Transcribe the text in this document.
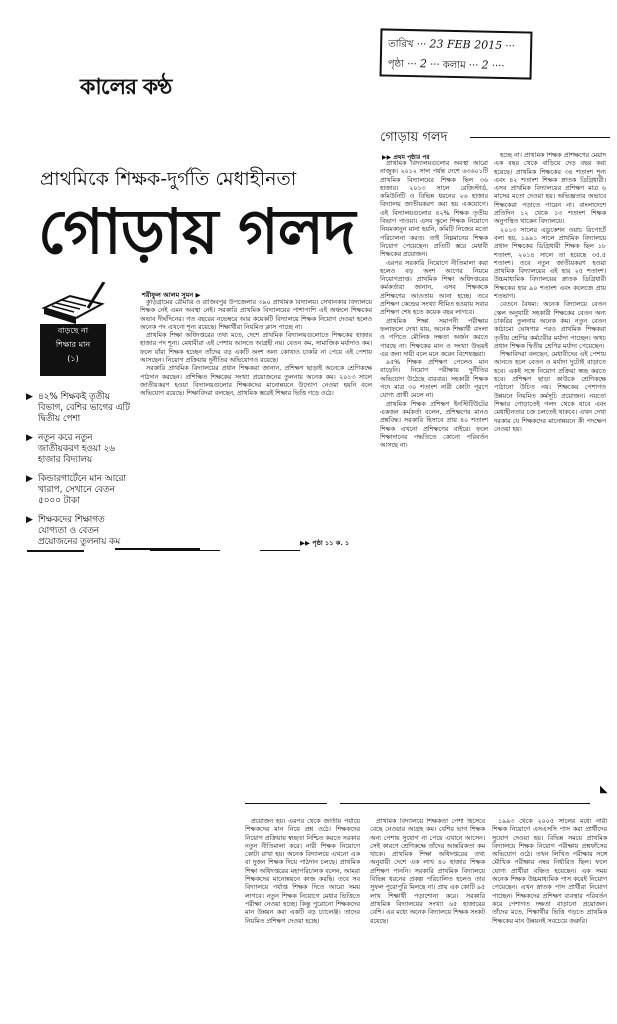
কালের কণ্ঠ
তারিখ ··· 23 FEB 2015 ···
পৃষ্ঠা ··· 2 ··· কলাম ··· 2 ····
প্রাথমিকে শিক্ষক-দুর্গতি মেধাহীনতা
গোড়ায় গলদ
শরীফুল আলম সুমন ▶

কুড়িগ্রামের রৌমারি ও রাজিবপুর উপজেলার ৩৯০ প্রাথমিক বিদ্যালয়। সেখানকার বিদ্যালয়ে শিক্ষক নেই এমন অবস্থা নেই। সরকারি প্রাথমিক বিদ্যালয়ের পাশাপাশি এই অঞ্চলে শিক্ষকের অভাব দীর্ঘদিনের। গত বছরের নভেম্বরে আর কয়েকটি বিদ্যালয়ে শিক্ষক নিয়োগ দেওয়া হলেও অনেক পদ এখনো শূন্য রয়েছে। শিক্ষার্থীরা নিয়মিত ক্লাস পাচ্ছে না।

প্রাথমিক শিক্ষা অধিদপ্তরের তথ্য মতে, দেশে প্রাথমিক বিদ্যালয়গুলোতে শিক্ষকের হাজার হাজার পদ শূন্য। মেধাবীরা এই পেশায় আসতে আগ্রহী নয়। বেতন কম, সামাজিক মর্যাদাও কম। ফলে যাঁরা শিক্ষক হচ্ছেন তাঁদের বড় একটি অংশ অন্য কোথাও চাকরি না পেয়ে এই পেশায় আসছেন। নিয়োগ প্রক্রিয়ায় দুর্নীতির অভিযোগও রয়েছে।

সরকারি প্রাথমিক বিদ্যালয়ের প্রধান শিক্ষকরা জানান, প্রশিক্ষণ ছাড়াই অনেকে শ্রেণিকক্ষে পাঠদান করছেন। প্রশিক্ষিত শিক্ষকের সংখ্যা প্রয়োজনের তুলনায় অনেক কম। ২০১৩ সালে জাতীয়করণ হওয়া বিদ্যালয়গুলোর শিক্ষকদের মানোন্নয়নে উদ্যোগ নেওয়া হয়নি বলে অভিযোগ রয়েছে। শিক্ষাবিদরা বলছেন, প্রাথমিক স্তরেই শিক্ষার ভিত্তি গড়ে ওঠে।

▶▶ পৃষ্ঠা ১১ ক. ১
বাড়ছে না
শিক্ষার মান
(১)
▶ ৪২% শিক্ষকই তৃতীয় বিভাগ, বেশির ভাগের এটি দ্বিতীয় পেশা
▶ নতুন করে নতুন জাতীয়করণ হওয়া ২৬ হাজার বিদ্যালয়
▶ কিন্ডারগার্টেনে মান আরো খারাপ, সেখানে বেতন ৫০০০ টাকা
▶ শিক্ষকদের শিক্ষাগত যোগ্যতা ও বেতন প্রয়োজনের তুলনায় কম
গোড়ায় গলদ
▶▶ প্রথম পৃষ্ঠার পর

প্রাথমিক বিদ্যালয়গুলোর অবস্থা আরো নাজুক। ২০১২ সাল পর্যন্ত দেশে ৬৩৬০১টি প্রাথমিক বিদ্যালয়ের শিক্ষক ছিল ৩৬ হাজার। ২০১৩ সালে রেজিস্টার্ড, কমিউনিটি ও বিভিন্ন ধরনের ২৬ হাজার বিদ্যালয় জাতীয়করণ করা হয় একযোগে। এই বিদ্যালয়গুলোর ৪২% শিক্ষক তৃতীয় বিভাগ পাওয়া। এসব স্কুলে শিক্ষক নিয়োগে নিয়মকানুন মানা হয়নি, কমিটি নিজের মতো পরিচালনা করত। তাই নিম্নমানের শিক্ষক নিয়োগ পেয়েছেন। প্রতিটি স্তরে মেধাবী শিক্ষকের প্রয়োজন।

এরপর সরকারি নিয়োগে নীতিমালা করা হলেও বড় অংশ আগের নিয়মে নিয়োগপ্রাপ্ত। প্রাথমিক শিক্ষা অধিদপ্তরের কর্মকর্তারা জানান, এসব শিক্ষককে প্রশিক্ষণের আওতায় আনা হচ্ছে। তবে প্রশিক্ষণ কেন্দ্রের সংখ্যা সীমিত হওয়ায় সবার প্রশিক্ষণ শেষ হতে কয়েক বছর লাগবে।

প্রাথমিক শিক্ষা সমাপনী পরীক্ষার ফলাফলে দেখা যায়, অনেক শিক্ষার্থী বাংলা ও গণিতে মৌলিক দক্ষতা অর্জন করতে পারছে না। শিক্ষকের মান ও সংখ্যা উভয়ই এর জন্য দায়ী বলে মনে করেন বিশেষজ্ঞরা।

৯৫% শিক্ষক প্রশিক্ষণ পেলেও মান বাড়েনি। নিয়োগ পরীক্ষায় দুর্নীতির অভিযোগ উঠেছে বারবার। সহকারী শিক্ষক পদে মাত্র ৩০ শতাংশ নারী কোটা পূরণে যোগ্য প্রার্থী মেলে না।

প্রাথমিক শিক্ষক প্রশিক্ষণ ইনস্টিটিউটের একজন কর্মকর্তা বলেন, প্রশিক্ষণের মানও প্রশ্নবিদ্ধ। সরকারি হিসাবে প্রায় ৪০ শতাংশ শিক্ষক এখনো প্রশিক্ষণের বাইরে। ফলে শিক্ষাদানের পদ্ধতিতে কোনো পরিবর্তন আসছে না।

হচ্ছে না। প্রাথমিক শিক্ষক প্রশিক্ষণের মেয়াদ এক বছর থেকে বাড়িয়ে দেড় বছর করা হয়েছে। প্রাথমিক শিক্ষকের ৩৪ শতাংশ শূন্য এবং ৪২ শতাংশ শিক্ষক স্নাতক ডিগ্রিধারী। এসব প্রাথমিক বিদ্যালয়ের প্রশিক্ষণ মাত্র ৬ মাসের মতো দেওয়া হয়। অভিজ্ঞতার অভাবে শিক্ষকেরা পড়াতে পারেন না। বাংলাদেশে প্রতিদিন ১২ থেকে ১৩ শতাংশ শিক্ষক অনুপস্থিত থাকেন বিদ্যালয়ে।

২০১৩ সালের এডুকেশন ওয়াচ রিপোর্টে বলা হয়, ১৯৯১ সালে প্রাথমিক বিদ্যালয়ে প্রধান শিক্ষকের ডিগ্রিধারী শিক্ষক ছিল ১৮ শতাংশ, ২০১৪ সালে তা হয়েছে ৩৫.৫ শতাংশ। তবে নতুন জাতীয়করণ হওয়া প্রাথমিক বিদ্যালয়ের এই হার ২৫ শতাংশ। উচ্চমাধ্যমিক বিদ্যালয়ের স্নাতক ডিগ্রিধারী শিক্ষকের হার ৯০ শতাংশ এবং কলেজে প্রায় শতভাগ।

বেতনে বৈষম্য: অনেক বিদ্যালয়ে বেতন স্কেল অনুযায়ী সহকারী শিক্ষকের বেতন অন্য চাকরির তুলনায় অনেক কম। নতুন বেতন কাঠামো ঘোষণার পরও প্রাথমিক শিক্ষকরা তৃতীয় শ্রেণির কর্মচারীর মর্যাদা পাচ্ছেন। অথচ প্রধান শিক্ষক দ্বিতীয় শ্রেণির মর্যাদা পেয়েছেন।

শিক্ষাবিদরা বলছেন, মেধাবীদের এই পেশায় আনতে হলে বেতন ও মর্যাদা দুটোই বাড়াতে হবে। একই সঙ্গে নিয়োগ প্রক্রিয়া স্বচ্ছ করতে হবে। প্রশিক্ষণ ছাড়া কাউকে শ্রেণিকক্ষে পাঠানো উচিত নয়। শিক্ষকের পেশাগত উন্নয়নে নিয়মিত কর্মসূচি প্রয়োজন। নয়তো শিক্ষার গোড়াতেই গলদ থেকে যাবে এবং মেধাহীনতার চক্র চলতেই থাকবে। এখন দেখা দরকার যে শিক্ষকদের মানোন্নয়নে কী পদক্ষেপ নেওয়া হয়।

◣

প্রয়োজন হয়। এরপর থেকে জাতীয় পর্যায়ে শিক্ষকদের মান নিয়ে প্রশ্ন ওঠে। শিক্ষকদের নিয়োগ প্রক্রিয়ায় স্বচ্ছতা নিশ্চিত করতে সরকার নতুন নীতিমালা করে। নারী শিক্ষক নিয়োগে কোটা রাখা হয়। অনেক বিদ্যালয়ে এখনো এক বা দুজন শিক্ষক দিয়ে পাঠদান চলছে। প্রাথমিক শিক্ষা অধিদপ্তরের মহাপরিচালক বলেন, আমরা শিক্ষকদের মানোন্নয়নে কাজ করছি। তবে সব বিদ্যালয়ে পর্যাপ্ত শিক্ষক দিতে আরো সময় লাগবে। নতুন শিক্ষক নিয়োগে মেধার ভিত্তিতে পরীক্ষা নেওয়া হচ্ছে। কিন্তু পুরোনো শিক্ষকদের মান উন্নয়ন করা একটি বড় চ্যালেঞ্জ। তাদের নিয়মিত প্রশিক্ষণ দেওয়া হচ্ছে।

প্রাথমিক বিদ্যালয়ে শিক্ষকতা পেশা হিসেবে বেছে নেওয়ার আগ্রহ কম। বেশির ভাগ শিক্ষক অন্য পেশায় সুযোগ না পেয়ে এখানে আসেন। সেই কারণে শ্রেণিকক্ষে তাঁদের আন্তরিকতা কম থাকে। প্রাথমিক শিক্ষা অধিদপ্তরের তথ্য অনুযায়ী দেশে এক লাখ ৪০ হাজার শিক্ষক প্রশিক্ষণ পাননি। সরকারি প্রাথমিক বিদ্যালয়ে বিভিন্ন ধরনের প্রকল্প পরিচালিত হলেও তার সুফল পুরোপুরি মিলছে না। প্রায় এক কোটি ৯৫ লাখ শিক্ষার্থী পড়াশোনা করে। সরকারি প্রাথমিক বিদ্যালয়ের সংখ্যা ৬৫ হাজারের বেশি। এর মধ্যে অনেক বিদ্যালয়ে শিক্ষক সংকট রয়েছে।

১৯৯৩ থেকে ২০০৫ সালের মধ্যে নারী শিক্ষক নিয়োগে এসএসসি পাস করা প্রার্থীদের সুযোগ দেওয়া হয়। বিভিন্ন সময়ে প্রাথমিক বিদ্যালয়ে শিক্ষক নিয়োগ পরীক্ষায় প্রশ্নফাঁসের অভিযোগ ওঠে। তখন লিখিত পরীক্ষার সঙ্গে মৌখিক পরীক্ষার নম্বর নির্ধারিত ছিল। ফলে যোগ্য প্রার্থীরা বঞ্চিত হয়েছেন। এক সময় অনেক শিক্ষক উচ্চমাধ্যমিক পাস করেই নিয়োগ পেয়েছেন। এখন স্নাতক পাস প্রার্থীরা নিয়োগ পাচ্ছেন। শিক্ষকদের প্রশিক্ষণ ব্যবস্থার পরিবর্তন করে পেশাগত দক্ষতা বাড়ানো প্রয়োজন। তাঁদের মতে, শিক্ষার্থীর ভিত্তি গড়তে প্রাথমিক শিক্ষকের মান উন্নয়নই সবচেয়ে জরুরি।
